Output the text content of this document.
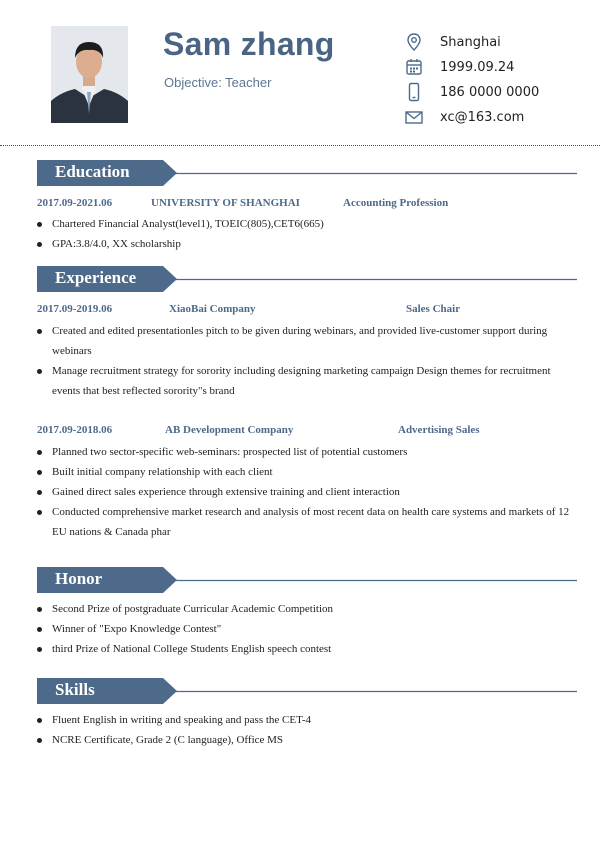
Sam zhang
Objective: Teacher
Shanghai
1999.09.24
186 0000 0000
xc@163.com
Education
2017.09-2021.06	UNIVERSITY OF SHANGHAI	Accounting Profession
Chartered Financial Analyst(level1), TOEIC(805),CET6(665)
GPA:3.8/4.0, XX scholarship
Experience
2017.09-2019.06	XiaoBai Company	Sales Chair
Created and edited presentationles pitch to be given during webinars, and provided live-customer support during webinars
Manage recruitment strategy for sorority including designing marketing campaign Design themes for recruitment events that best reflected sorority"s brand
2017.09-2018.06	AB Development Company	Advertising Sales
Planned two sector-specific web-seminars: prospected list of potential customers
Built initial company relationship with each client
Gained direct sales experience through extensive training and client interaction
Conducted comprehensive market research and analysis of most recent data on health care systems and markets of 12 EU nations & Canada phar
Honor
Second Prize of postgraduate Curricular Academic Competition
Winner of "Expo Knowledge Contest"
third Prize of National College Students English speech contest
Skills
Fluent English in writing and speaking and pass the CET-4
NCRE Certificate, Grade 2 (C language), Office MS
